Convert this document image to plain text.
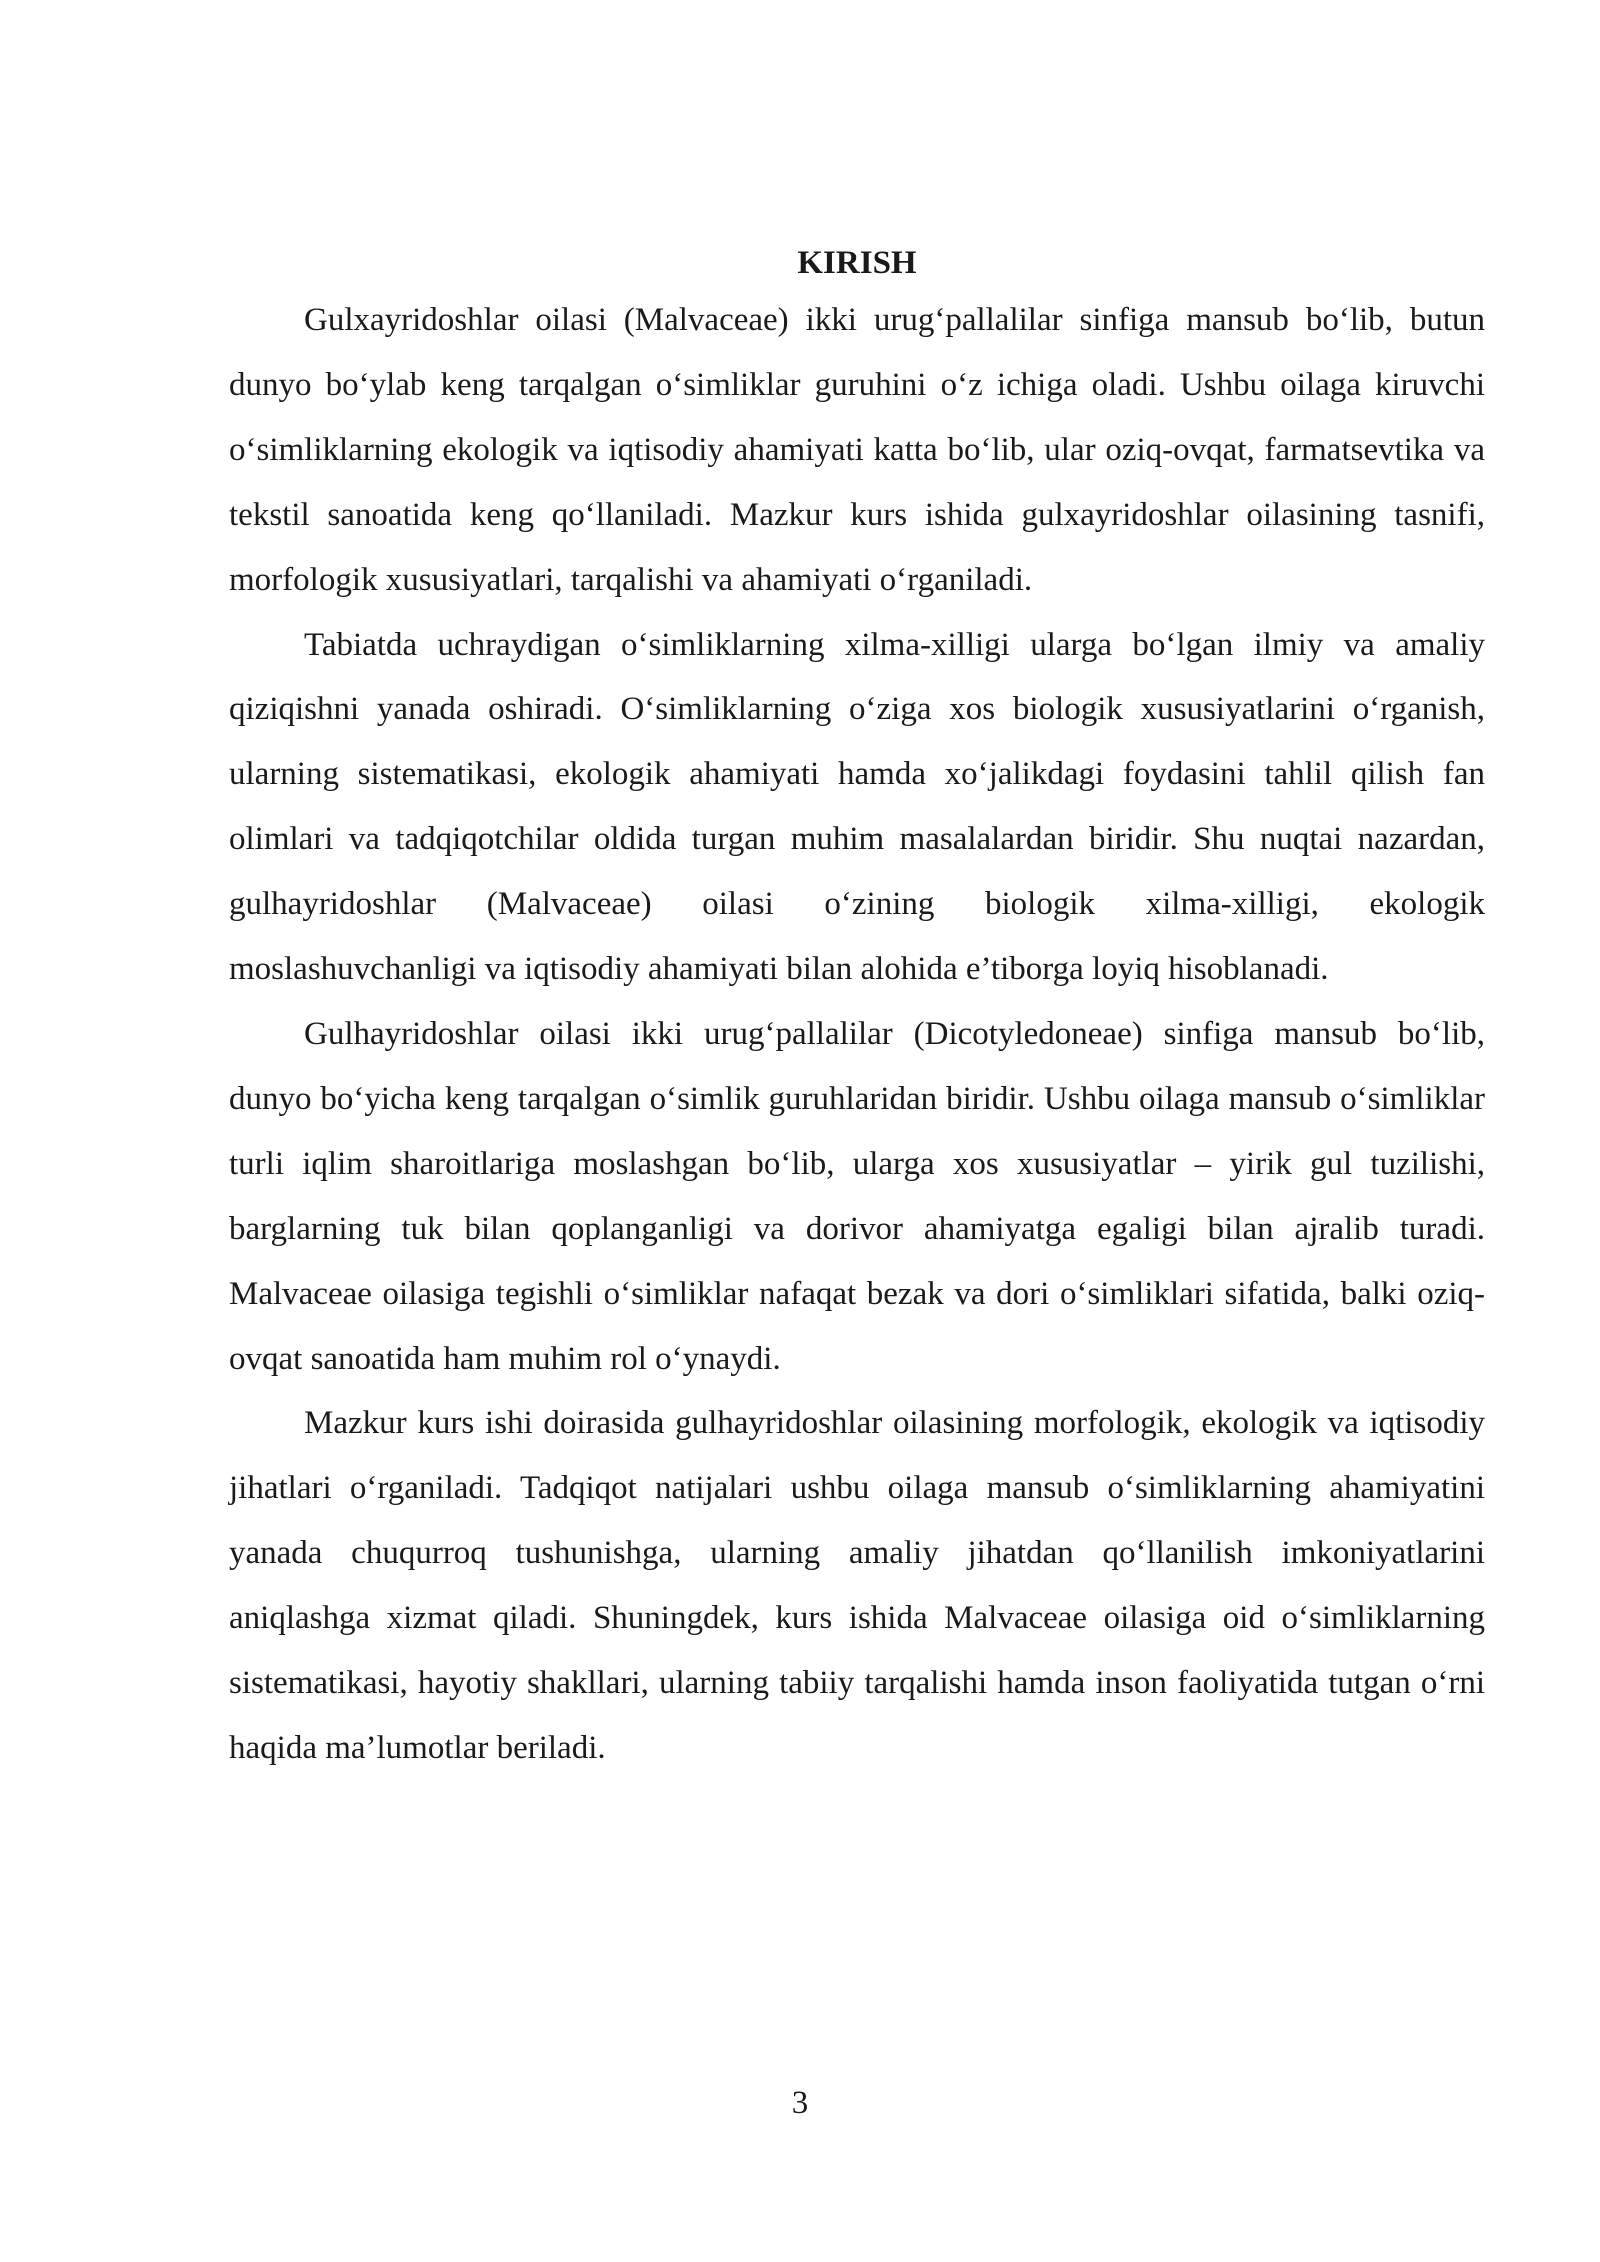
KIRISH

Gulxayridoshlar oilasi (Malvaceae) ikki urug‘pallalilar sinfiga mansub bo‘lib, butun dunyo bo‘ylab keng tarqalgan o‘simliklar guruhini o‘z ichiga oladi. Ushbu oilaga kiruvchi o‘simliklarning ekologik va iqtisodiy ahamiyati katta bo‘lib, ular oziq-ovqat, farmatsevtika va tekstil sanoatida keng qo‘llaniladi. Mazkur kurs ishida gulxayridoshlar oilasining tasnifi, morfologik xususiyatlari, tarqalishi va ahamiyati o‘rganiladi.

Tabiatda uchraydigan o‘simliklarning xilma-xilligi ularga bo‘lgan ilmiy va amaliy qiziqishni yanada oshiradi. O‘simliklarning o‘ziga xos biologik xususiyatlarini o‘rganish, ularning sistematikasi, ekologik ahamiyati hamda xo‘jalikdagi foydasini tahlil qilish fan olimlari va tadqiqotchilar oldida turgan muhim masalalardan biridir. Shu nuqtai nazardan, gulhayridoshlar (Malvaceae) oilasi o‘zining biologik xilma-xilligi, ekologik moslashuvchanligi va iqtisodiy ahamiyati bilan alohida e’tiborga loyiq hisoblanadi.

Gulhayridoshlar oilasi ikki urug‘pallalilar (Dicotyledoneae) sinfiga mansub bo‘lib, dunyo bo‘yicha keng tarqalgan o‘simlik guruhlaridan biridir. Ushbu oilaga mansub o‘simliklar turli iqlim sharoitlariga moslashgan bo‘lib, ularga xos xususiyatlar – yirik gul tuzilishi, barglarning tuk bilan qoplanganligi va dorivor ahamiyatga egaligi bilan ajralib turadi. Malvaceae oilasiga tegishli o‘simliklar nafaqat bezak va dori o‘simliklari sifatida, balki oziq-ovqat sanoatida ham muhim rol o‘ynaydi.

Mazkur kurs ishi doirasida gulhayridoshlar oilasining morfologik, ekologik va iqtisodiy jihatlari o‘rganiladi. Tadqiqot natijalari ushbu oilaga mansub o‘simliklarning ahamiyatini yanada chuqurroq tushunishga, ularning amaliy jihatdan qo‘llanilish imkoniyatlarini aniqlashga xizmat qiladi. Shuningdek, kurs ishida Malvaceae oilasiga oid o‘simliklarning sistematikasi, hayotiy shakllari, ularning tabiiy tarqalishi hamda inson faoliyatida tutgan o‘rni haqida ma’lumotlar beriladi.

3
